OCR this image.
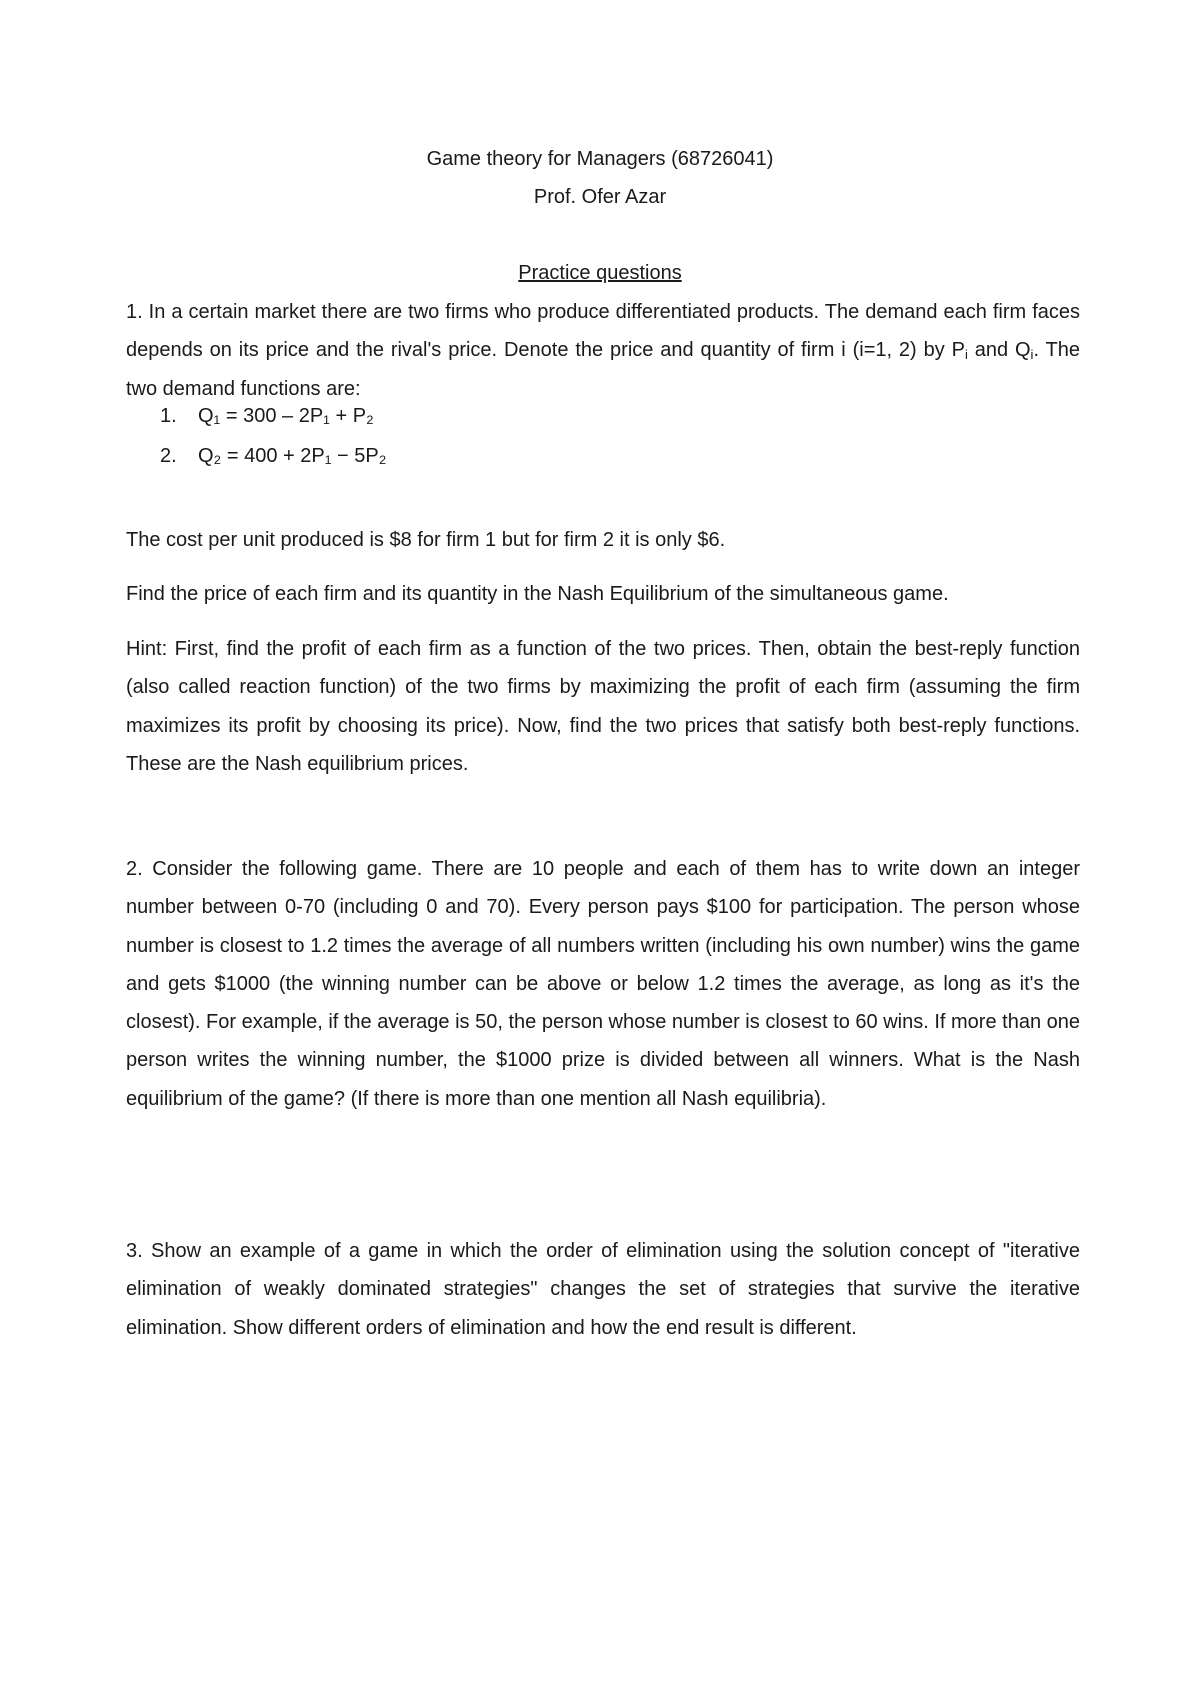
Game theory for Managers (68726041)
Prof. Ofer Azar
Practice questions
1. In a certain market there are two firms who produce differentiated products. The demand each firm faces depends on its price and the rival's price. Denote the price and quantity of firm i (i=1, 2) by $P_i$ and $Q_i$. The two demand functions are:
1.	Q₁ = 300 – 2P₁ + P₂
2.	Q₂ = 400 + 2P₁ − 5P₂
The cost per unit produced is $8 for firm 1 but for firm 2 it is only $6.
Find the price of each firm and its quantity in the Nash Equilibrium of the simultaneous game.
Hint: First, find the profit of each firm as a function of the two prices. Then, obtain the best-reply function (also called reaction function) of the two firms by maximizing the profit of each firm (assuming the firm maximizes its profit by choosing its price). Now, find the two prices that satisfy both best-reply functions. These are the Nash equilibrium prices.
2. Consider the following game. There are 10 people and each of them has to write down an integer number between 0-70 (including 0 and 70). Every person pays $100 for participation. The person whose number is closest to 1.2 times the average of all numbers written (including his own number) wins the game and gets $1000 (the winning number can be above or below 1.2 times the average, as long as it's the closest). For example, if the average is 50, the person whose number is closest to 60 wins. If more than one person writes the winning number, the $1000 prize is divided between all winners. What is the Nash equilibrium of the game? (If there is more than one mention all Nash equilibria).
3. Show an example of a game in which the order of elimination using the solution concept of "iterative elimination of weakly dominated strategies" changes the set of strategies that survive the iterative elimination. Show different orders of elimination and how the end result is different.
